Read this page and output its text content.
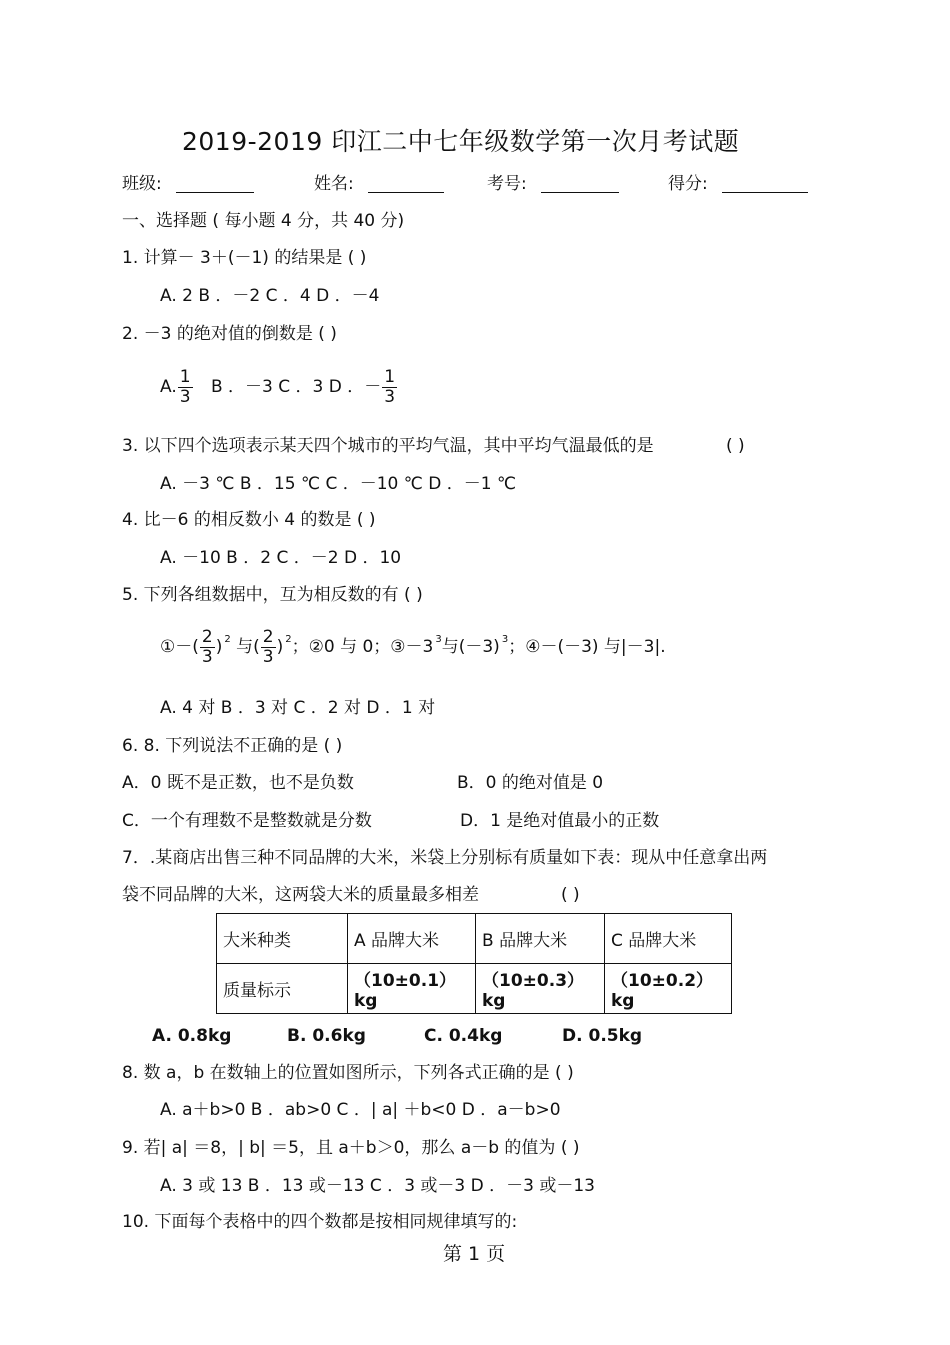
2019-2019 印江二中七年级数学第一次月考试题
班级:	姓名:	考号:	得分:
一、选择题 ( 每小题 4 分，共 40 分)
1. 计算－ 3＋(－1) 的结果是 ( )
A. 2 B ．－2 C ．4 D ．－4
2. －3 的绝对值的倒数是 ( )
A. $\frac{1}{3}$ B ．－3 C ．3 D ．－ $\frac{1}{3}$
3. 以下四个选项表示某天四个城市的平均气温，其中平均气温最低的是	( )
A. －3 ℃ B ．15 ℃ C ．－10 ℃ D ．－1 ℃
4. 比－6 的相反数小 4 的数是 ( )
A. －10 B ．2 C ．－2 D ．10
5. 下列各组数据中，互为相反数的有 ( )
①－( $\frac{2}{3}$ ) $^2$ 与( $\frac{2}{3}$ ) $^2$；②0 与 0；③－3 $^3$与(－3) $^3$；④－(－3) 与|－3|.
A. 4 对 B ．3 对 C ．2 对 D ．1 对
6. 8. 下列说法不正确的是 ( )
A．0 既不是正数，也不是负数	B．0 的绝对值是 0
C．一个有理数不是整数就是分数	D．1 是绝对值最小的正数
7．.某商店出售三种不同品牌的大米，米袋上分别标有质量如下表：现从中任意拿出两
袋不同品牌的大米，这两袋大米的质量最多相差	( )
大米种类	A 品牌大米	B 品牌大米	C 品牌大米
质量标示	（10±0.1）kg	（10±0.3）kg	（10±0.2）kg
A. 0.8kg	B. 0.6kg	C. 0.4kg	D. 0.5kg
8. 数 a，b 在数轴上的位置如图所示，下列各式正确的是 ( )
A. a＋b>0 B ．ab>0 C ．| a| ＋b<0 D ．a－b>0
9. 若| a| ＝8，| b| ＝5，且 a＋b＞0，那么 a－b 的值为 ( )
A. 3 或 13 B ．13 或－13 C ．3 或－3 D ．－3 或－13
10. 下面每个表格中的四个数都是按相同规律填写的:
第 1 页
